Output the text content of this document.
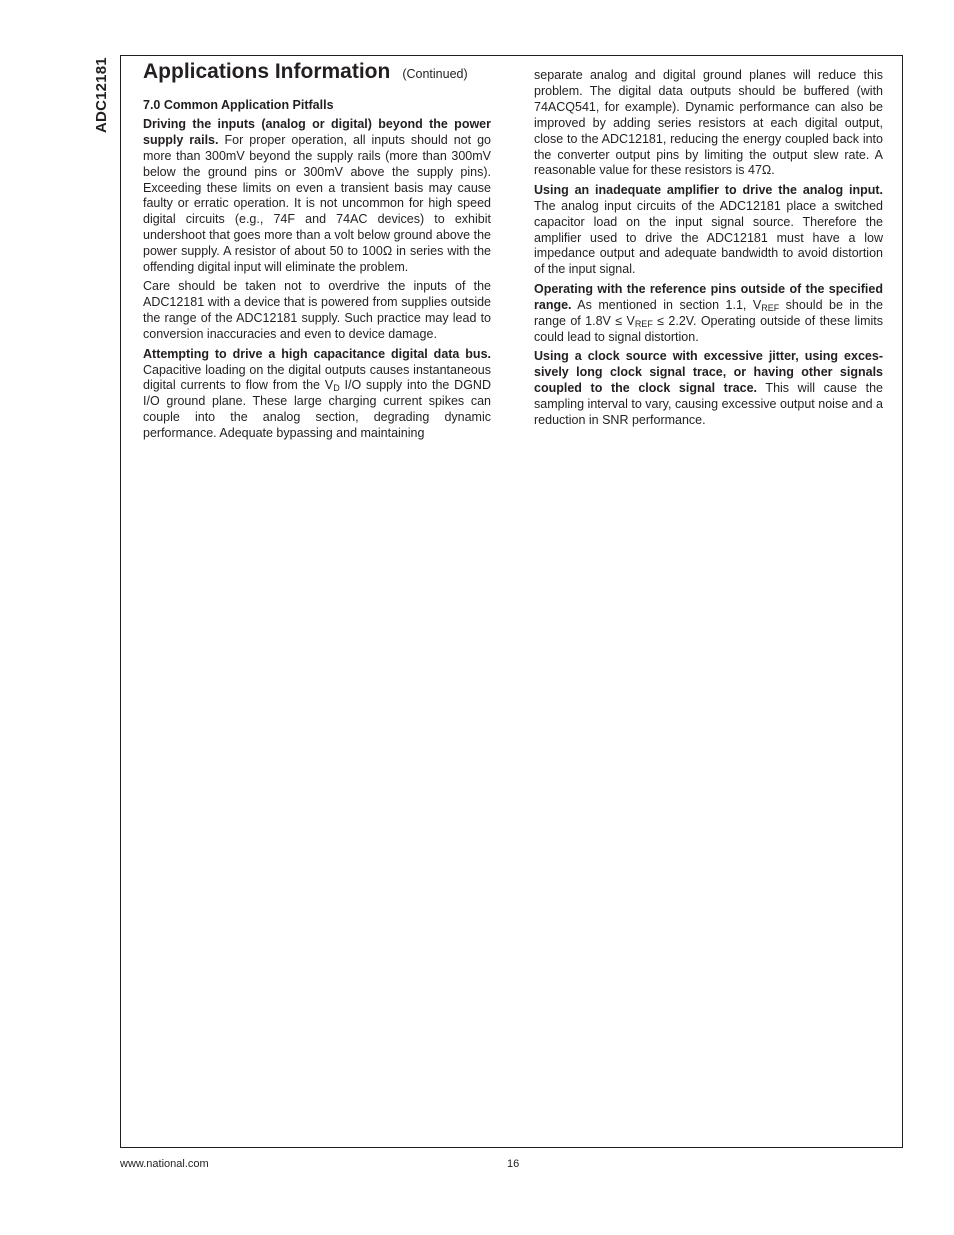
ADC12181 Applications Information (Continued)
7.0 Common Application Pitfalls

Driving the inputs (analog or digital) beyond the power supply rails. For proper operation, all inputs should not go more than 300mV beyond the supply rails (more than 300mV below the ground pins or 300mV above the supply pins). Exceeding these limits on even a transient basis may cause faulty or erratic operation. It is not uncommon for high speed digital circuits (e.g., 74F and 74AC devices) to exhibit undershoot that goes more than a volt below ground above the power supply. A resistor of about 50 to 100Ω in series with the offending digital input will eliminate the problem.

Care should be taken not to overdrive the inputs of the ADC12181 with a device that is powered from supplies outside the range of the ADC12181 supply. Such practice may lead to conversion inaccuracies and even to device damage.

Attempting to drive a high capacitance digital data bus. Capacitive loading on the digital outputs causes instantaneous digital currents to flow from the $V_D$ I/O supply into the DGND I/O ground plane. These large charging current spikes can couple into the analog section, degrading dynamic performance. Adequate bypassing and maintaining

separate analog and digital ground planes will reduce this problem. The digital data outputs should be buffered (with 74ACQ541, for example). Dynamic performance can also be improved by adding series resistors at each digital output, close to the ADC12181, reducing the energy coupled back into the converter output pins by limiting the output slew rate. A reasonable value for these resistors is 47Ω.

Using an inadequate amplifier to drive the analog input. The analog input circuits of the ADC12181 place a switched capacitor load on the input signal source. Therefore the amplifier used to drive the ADC12181 must have a low impedance output and adequate bandwidth to avoid distortion of the input signal.

Operating with the reference pins outside of the specified range. As mentioned in section 1.1, $V_{REF}$ should be in the range of $1.8V \le V_{REF} \le 2.2V$. Operating outside of these limits could lead to signal distortion.

Using a clock source with excessive jitter, using excessively long clock signal trace, or having other signals coupled to the clock signal trace. This will cause the sampling interval to vary, causing excessive output noise and a reduction in SNR performance.

www.national.com	16
